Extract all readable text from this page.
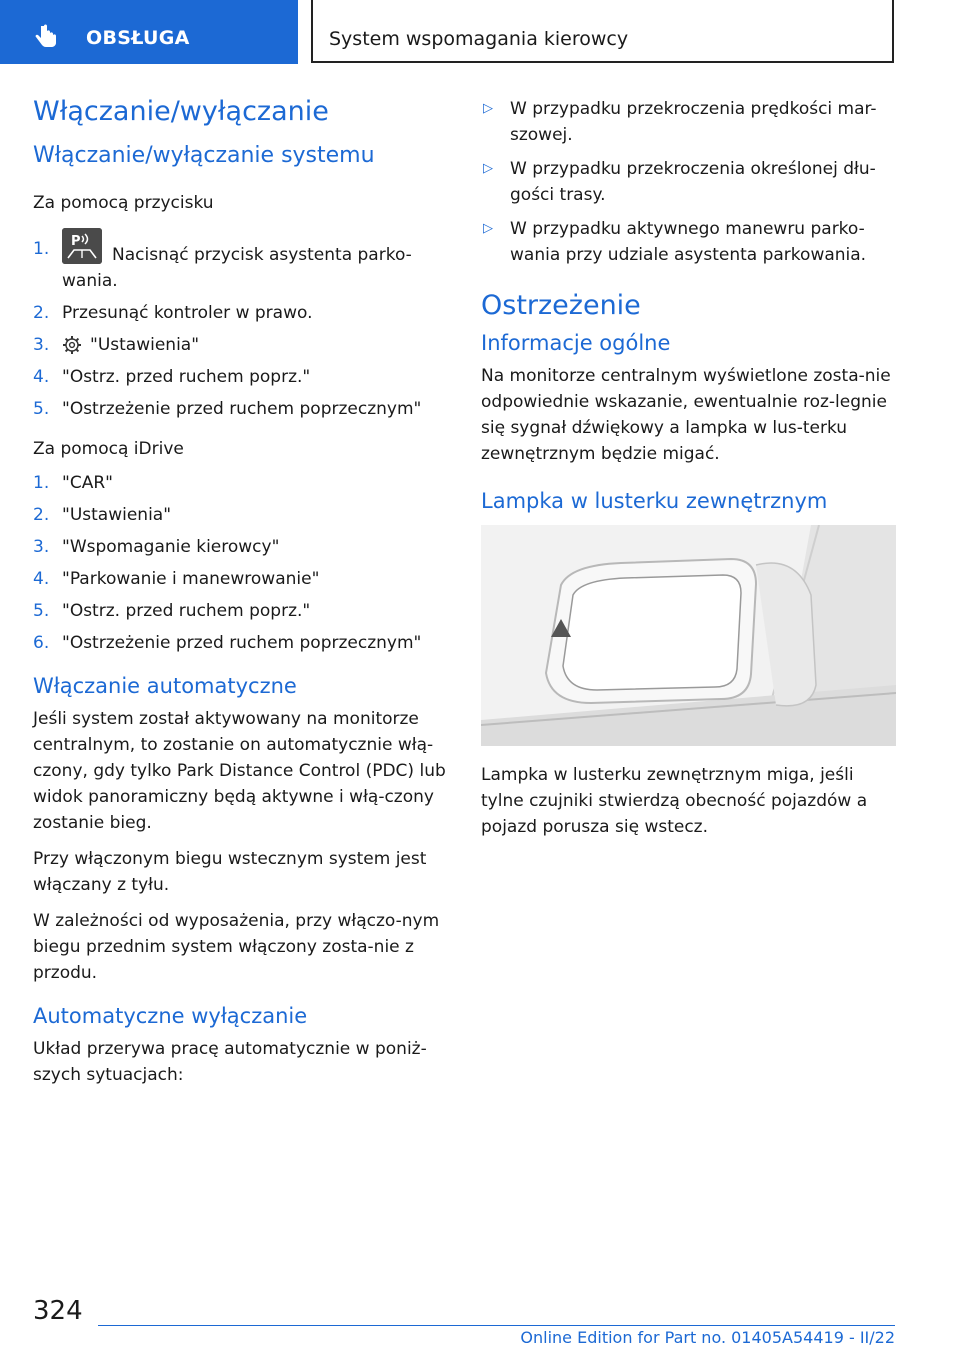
OBSŁUGA	System wspomagania kierowcy
Włączanie/wyłączanie
Włączanie/wyłączanie systemu

Za pomocą przycisku

1. P
Nacisnąć przycisk asystenta parko-wania.
2. Przesunąć kontroler w prawo.
3. "Ustawienia"
4. "Ostrz. przed ruchem poprz."
5. "Ostrzeżenie przed ruchem poprzecznym"

Za pomocą iDrive

1. "CAR"
2. "Ustawienia"
3. "Wspomaganie kierowcy"
4. "Parkowanie i manewrowanie"
5. "Ostrz. przed ruchem poprz."
6. "Ostrzeżenie przed ruchem poprzecznym"
Włączanie automatyczne

Jeśli system został aktywowany na monitorze centralnym, to zostanie on automatycznie włą-czony, gdy tylko Park Distance Control (PDC) lub widok panoramiczny będą aktywne i włą-czony zostanie bieg.

Przy włączonym biegu wstecznym system jest włączany z tyłu.

W zależności od wyposażenia, przy włączo-nym biegu przednim system włączony zosta-nie z przodu.

Automatyczne wyłączanie

Układ przerywa pracę automatycznie w poniż-szych sytuacjach:

▷ W przypadku przekroczenia prędkości mar-szowej.
▷ W przypadku przekroczenia określonej dłu-gości trasy.
▷ W przypadku aktywnego manewru parko-wania przy udziale asystenta parkowania.
Ostrzeżenie
Informacje ogólne

Na monitorze centralnym wyświetlone zosta-nie odpowiednie wskazanie, ewentualnie roz-legnie się sygnał dźwiękowy a lampka w lus-terku zewnętrznym będzie migać.

Lampka w lusterku zewnętrznym

Lampka w lusterku zewnętrznym miga, jeśli tylne czujniki stwierdzą obecność pojazdów a pojazd porusza się wstecz.

324
Online Edition for Part no. 01405A54419 - II/22
